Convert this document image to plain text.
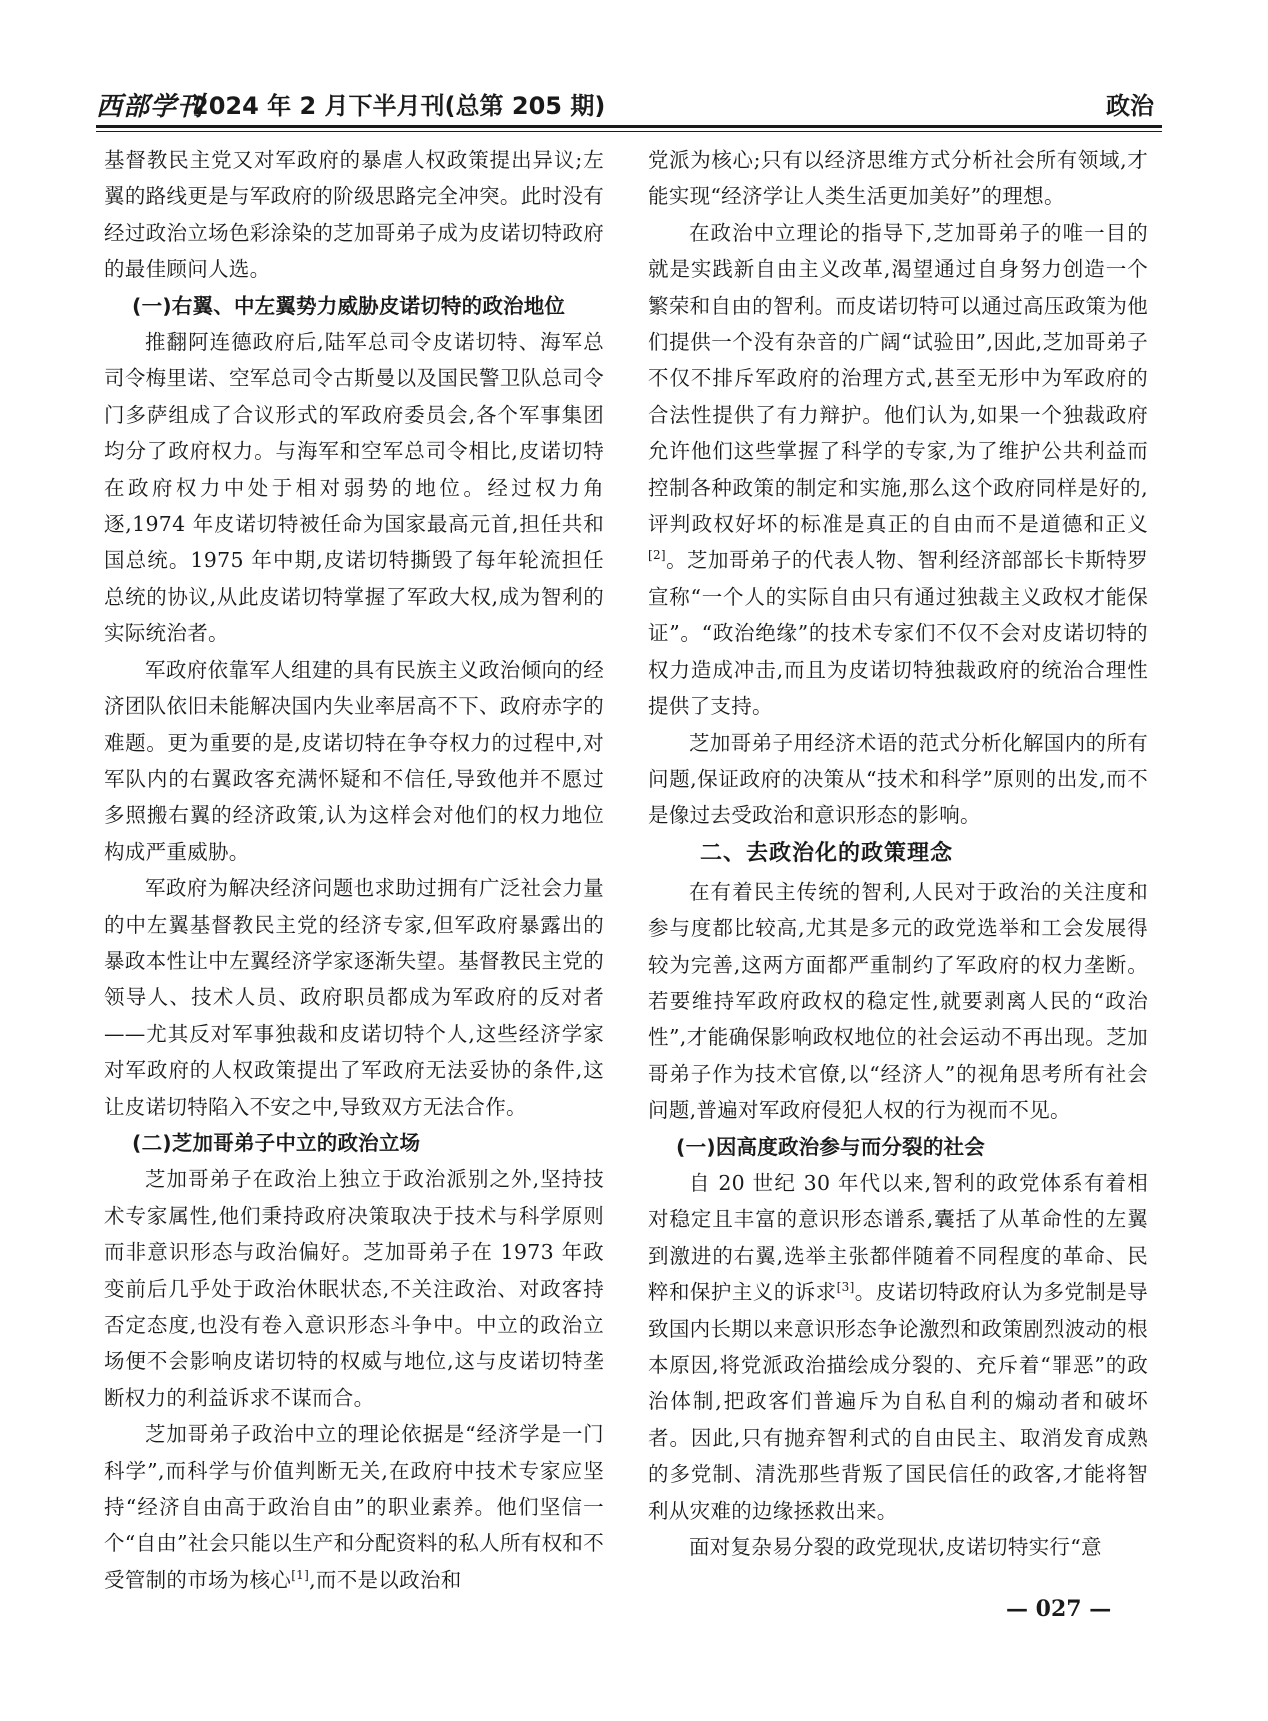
西部学刊
2024 年 2 月下半月刊(总第 205 期)	政治

基督教民主党又对军政府的暴虐人权政策提出异议;左翼的路线更是与军政府的阶级思路完全冲突。此时没有经过政治立场色彩涂染的芝加哥弟子成为皮诺切特政府的最佳顾问人选。

(一)右翼、中左翼势力威胁皮诺切特的政治地位

推翻阿连德政府后,陆军总司令皮诺切特、海军总司令梅里诺、空军总司令古斯曼以及国民警卫队总司令门多萨组成了合议形式的军政府委员会,各个军事集团均分了政府权力。与海军和空军总司令相比,皮诺切特在政府权力中处于相对弱势的地位。经过权力角逐,1974 年皮诺切特被任命为国家最高元首,担任共和国总统。1975 年中期,皮诺切特撕毁了每年轮流担任总统的协议,从此皮诺切特掌握了军政大权,成为智利的实际统治者。

军政府依靠军人组建的具有民族主义政治倾向的经济团队依旧未能解决国内失业率居高不下、政府赤字的难题。更为重要的是,皮诺切特在争夺权力的过程中,对军队内的右翼政客充满怀疑和不信任,导致他并不愿过多照搬右翼的经济政策,认为这样会对他们的权力地位构成严重威胁。

军政府为解决经济问题也求助过拥有广泛社会力量的中左翼基督教民主党的经济专家,但军政府暴露出的暴政本性让中左翼经济学家逐渐失望。基督教民主党的领导人、技术人员、政府职员都成为军政府的反对者——尤其反对军事独裁和皮诺切特个人,这些经济学家对军政府的人权政策提出了军政府无法妥协的条件,这让皮诺切特陷入不安之中,导致双方无法合作。

(二)芝加哥弟子中立的政治立场

芝加哥弟子在政治上独立于政治派别之外,坚持技术专家属性,他们秉持政府决策取决于技术与科学原则而非意识形态与政治偏好。芝加哥弟子在 1973 年政变前后几乎处于政治休眠状态,不关注政治、对政客持否定态度,也没有卷入意识形态斗争中。中立的政治立场便不会影响皮诺切特的权威与地位,这与皮诺切特垄断权力的利益诉求不谋而合。

芝加哥弟子政治中立的理论依据是“经济学是一门科学”,而科学与价值判断无关,在政府中技术专家应坚持“经济自由高于政治自由”的职业素养。他们坚信一个“自由”社会只能以生产和分配资料的私人所有权和不受管制的市场为核心[1],而不是以政治和

党派为核心;只有以经济思维方式分析社会所有领域,才能实现“经济学让人类生活更加美好”的理想。

在政治中立理论的指导下,芝加哥弟子的唯一目的就是实践新自由主义改革,渴望通过自身努力创造一个繁荣和自由的智利。而皮诺切特可以通过高压政策为他们提供一个没有杂音的广阔“试验田”,因此,芝加哥弟子不仅不排斥军政府的治理方式,甚至无形中为军政府的合法性提供了有力辩护。他们认为,如果一个独裁政府允许他们这些掌握了科学的专家,为了维护公共利益而控制各种政策的制定和实施,那么这个政府同样是好的,评判政权好坏的标准是真正的自由而不是道德和正义[2]。芝加哥弟子的代表人物、智利经济部部长卡斯特罗宣称“一个人的实际自由只有通过独裁主义政权才能保证”。“政治绝缘”的技术专家们不仅不会对皮诺切特的权力造成冲击,而且为皮诺切特独裁政府的统治合理性提供了支持。

芝加哥弟子用经济术语的范式分析化解国内的所有问题,保证政府的决策从“技术和科学”原则的出发,而不是像过去受政治和意识形态的影响。

二、去政治化的政策理念

在有着民主传统的智利,人民对于政治的关注度和参与度都比较高,尤其是多元的政党选举和工会发展得较为完善,这两方面都严重制约了军政府的权力垄断。若要维持军政府政权的稳定性,就要剥离人民的“政治性”,才能确保影响政权地位的社会运动不再出现。芝加哥弟子作为技术官僚,以“经济人”的视角思考所有社会问题,普遍对军政府侵犯人权的行为视而不见。

(一)因高度政治参与而分裂的社会

自 20 世纪 30 年代以来,智利的政党体系有着相对稳定且丰富的意识形态谱系,囊括了从革命性的左翼到激进的右翼,选举主张都伴随着不同程度的革命、民粹和保护主义的诉求[3]。皮诺切特政府认为多党制是导致国内长期以来意识形态争论激烈和政策剧烈波动的根本原因,将党派政治描绘成分裂的、充斥着“罪恶”的政治体制,把政客们普遍斥为自私自利的煽动者和破坏者。因此,只有抛弃智利式的自由民主、取消发育成熟的多党制、清洗那些背叛了国民信任的政客,才能将智利从灾难的边缘拯救出来。

面对复杂易分裂的政党现状,皮诺切特实行“意

— 027 —
